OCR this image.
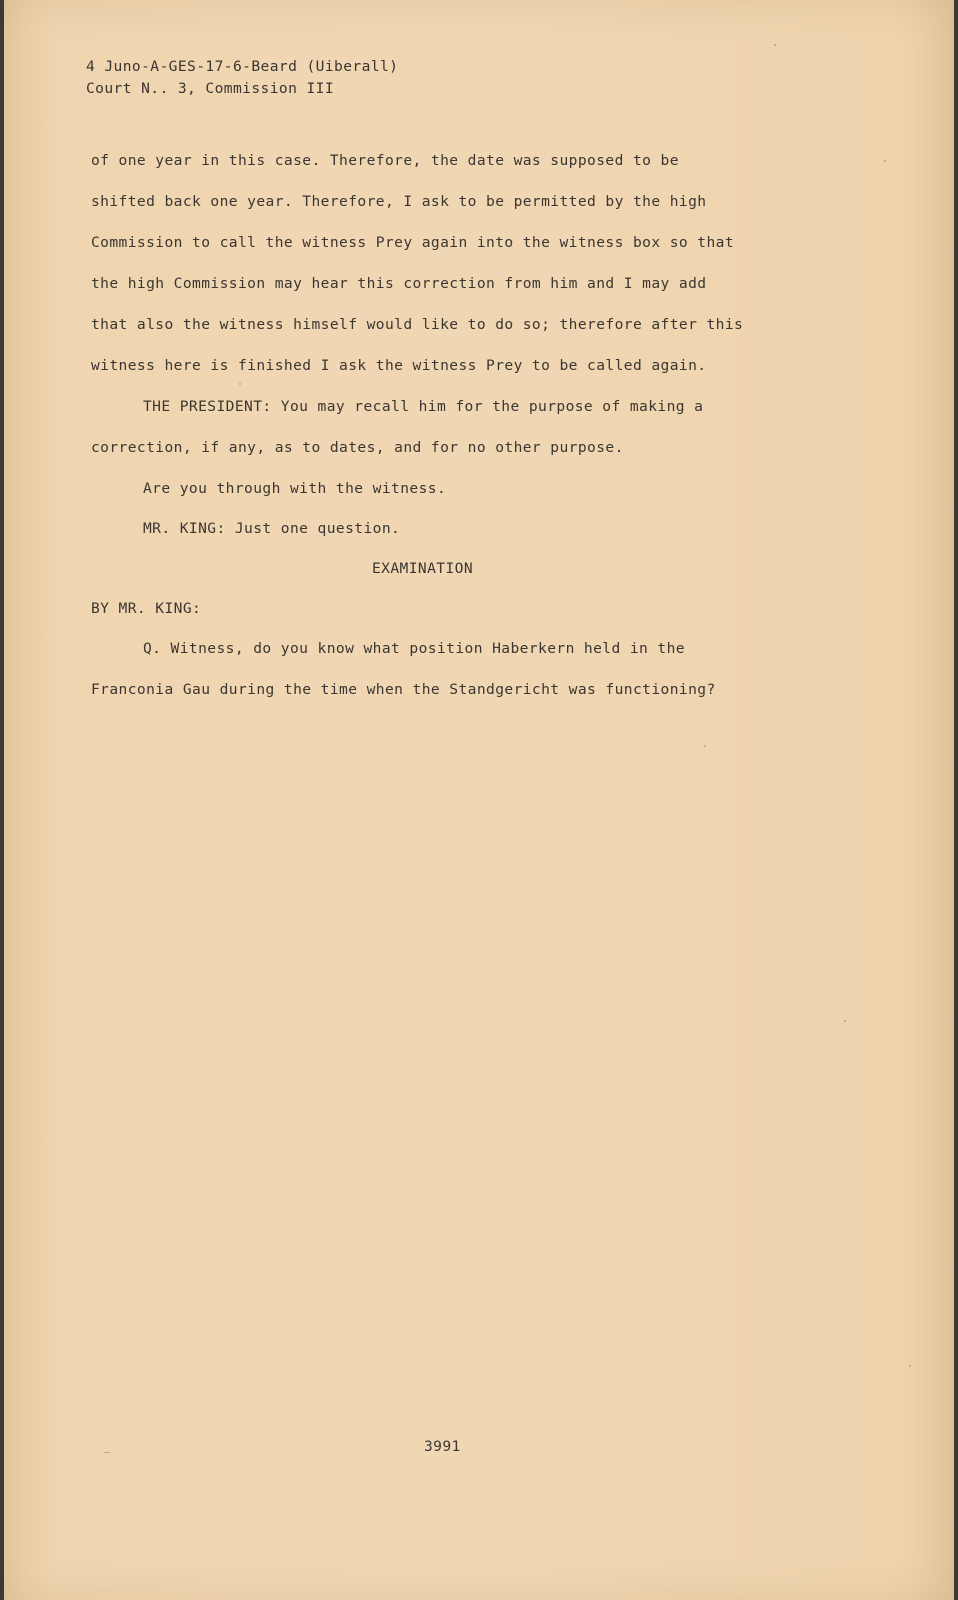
4 Juno-A-GES-17-6-Beard (Uiberall)

Court N.. 3, Commission III

of one year in this case. Therefore, the date was supposed to be

shifted back one year. Therefore, I ask to be permitted by the high

Commission to call the witness Prey again into the witness box so that

the high Commission may hear this correction from him and I may add

that also the witness himself would like to do so; therefore after this

witness here is finished I ask the witness Prey to be called again.

THE PRESIDENT: You may recall him for the purpose of making a

correction, if any, as to dates, and for no other purpose.

Are you through with the witness.

MR. KING: Just one question.

EXAMINATION

BY MR. KING:

Q. Witness, do you know what position Haberkern held in the

Franconia Gau during the time when the Standgericht was functioning?

3991
